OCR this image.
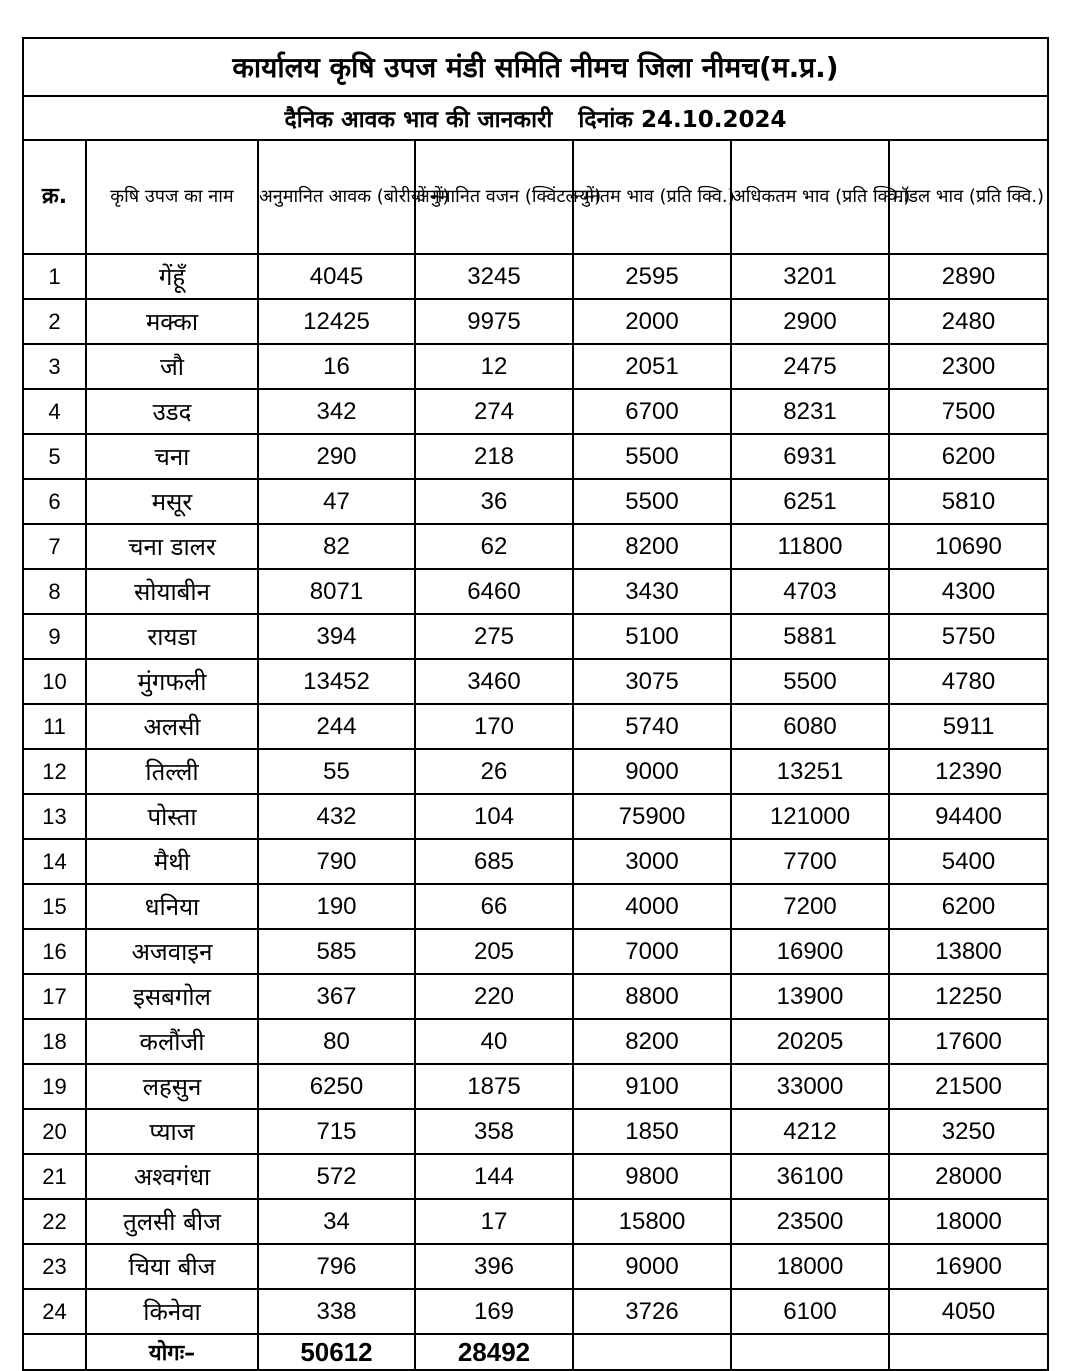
कार्यालय कृषि उपज मंडी समिति नीमच जिला नीमच(म.प्र.)						
दैनिक आवक भाव की जानकारी दिनांक 24.10.2024						
क्र.	कृषि उपज का नाम	अनुमानित आवक (बोरीयों में)	अनुमानित वजन (क्विंटल में)	न्युनतम भाव (प्रति क्वि.)	अधिकतम भाव (प्रति क्वि.)	मॉडल भाव (प्रति क्वि.)
1	गेंहूँ	4045	3245	2595	3201	2890
2	मक्का	12425	9975	2000	2900	2480
3	जौ	16	12	2051	2475	2300
4	उडद	342	274	6700	8231	7500
5	चना	290	218	5500	6931	6200
6	मसूर	47	36	5500	6251	5810
7	चना डालर	82	62	8200	11800	10690
8	सोयाबीन	8071	6460	3430	4703	4300
9	रायडा	394	275	5100	5881	5750
10	मुंगफली	13452	3460	3075	5500	4780
11	अलसी	244	170	5740	6080	5911
12	तिल्ली	55	26	9000	13251	12390
13	पोस्ता	432	104	75900	121000	94400
14	मैथी	790	685	3000	7700	5400
15	धनिया	190	66	4000	7200	6200
16	अजवाइन	585	205	7000	16900	13800
17	इसबगोल	367	220	8800	13900	12250
18	कलौंजी	80	40	8200	20205	17600
19	लहसुन	6250	1875	9100	33000	21500
20	प्याज	715	358	1850	4212	3250
21	अश्वगंधा	572	144	9800	36100	28000
22	तुलसी बीज	34	17	15800	23500	18000
23	चिया बीज	796	396	9000	18000	16900
24	किनेवा	338	169	3726	6100	4050
	योगः–	50612	28492			
